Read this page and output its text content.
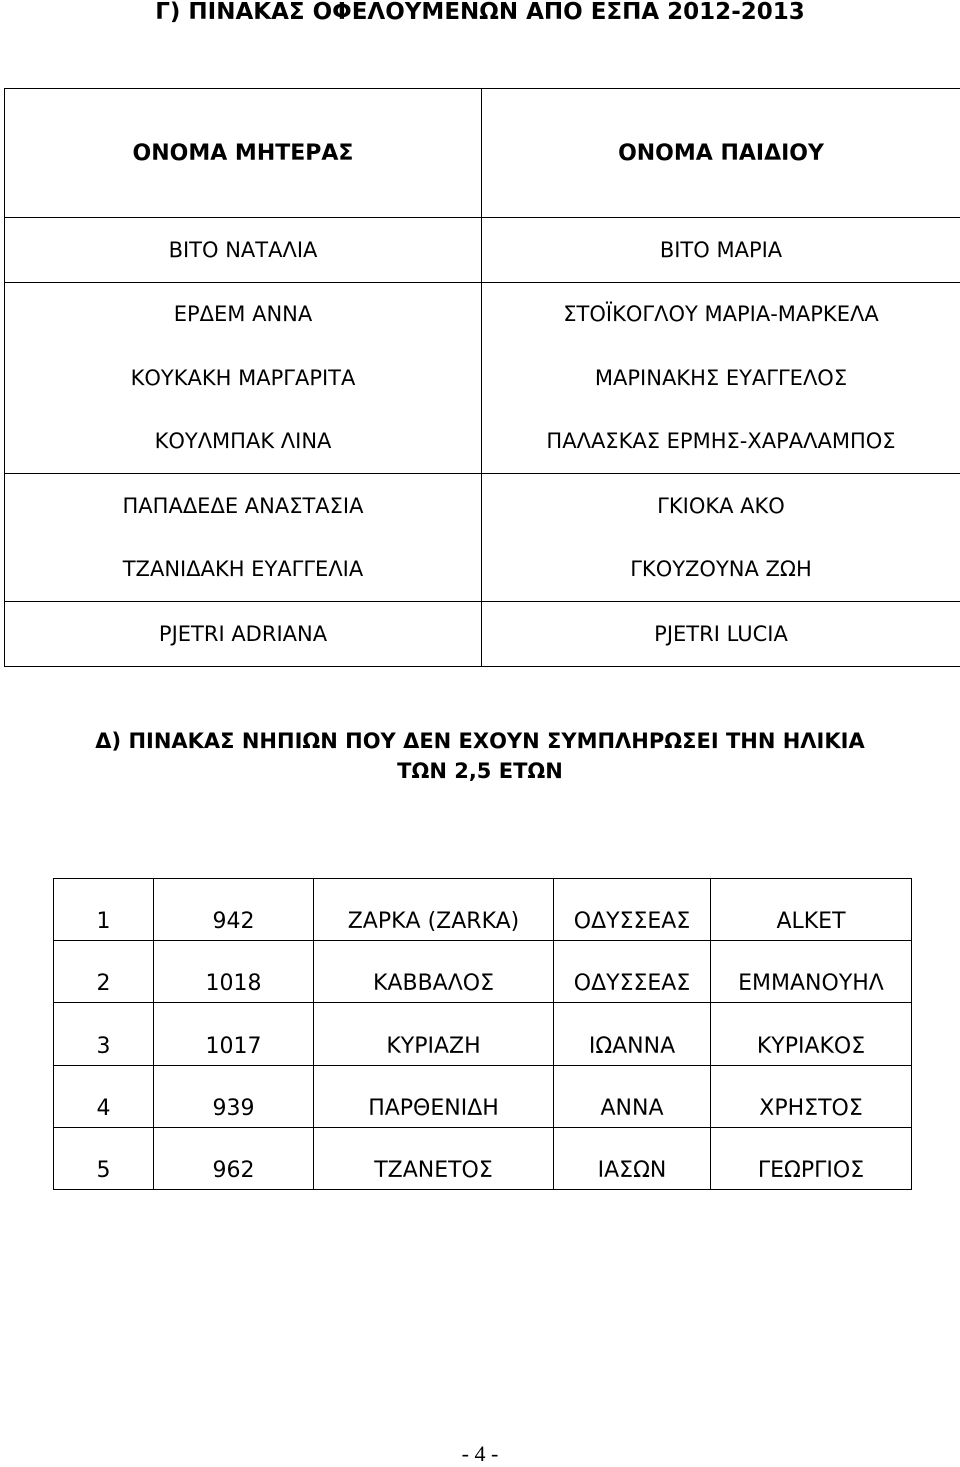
Γ) ΠΙΝΑΚΑΣ ΟΦΕΛΟΥΜΕΝΩΝ ΑΠΟ ΕΣΠΑ 2012-2013
ΟΝΟΜΑ ΜΗΤΕΡΑΣ	ΟΝΟΜΑ ΠΑΙΔΙΟΥ
ΒΙΤΟ ΝΑΤΑΛΙΑ	ΒΙΤΟ ΜΑΡΙΑ
ΕΡΔΕΜ ΑΝΝΑ	ΣΤΟΪΚΟΓΛΟΥ ΜΑΡΙΑ-ΜΑΡΚΕΛΑ
ΚΟΥΚΑΚΗ ΜΑΡΓΑΡΙΤΑ	ΜΑΡΙΝΑΚΗΣ ΕΥΑΓΓΕΛΟΣ
ΚΟΥΛΜΠΑΚ ΛΙΝΑ	ΠΑΛΑΣΚΑΣ ΕΡΜΗΣ-ΧΑΡΑΛΑΜΠΟΣ
ΠΑΠΑΔΕΔΕ ΑΝΑΣΤΑΣΙΑ	ΓΚΙΟΚΑ ΑΚΟ
ΤΖΑΝΙΔΑΚΗ ΕΥΑΓΓΕΛΙΑ	ΓΚΟΥΖΟΥΝΑ ΖΩΗ
PJETRI ADRIANA	PJETRI LUCIA
Δ) ΠΙΝΑΚΑΣ ΝΗΠΙΩΝ ΠΟΥ ΔΕΝ ΕΧΟΥΝ ΣΥΜΠΛΗΡΩΣΕΙ ΤΗΝ ΗΛΙΚΙΑ
ΤΩΝ 2,5 ΕΤΩΝ
1	942	ΖΑΡΚΑ (ZARKA)	ΟΔΥΣΣΕΑΣ	ALKET
2	1018	ΚΑΒΒΑΛΟΣ	ΟΔΥΣΣΕΑΣ	ΕΜΜΑΝΟΥΗΛ
3	1017	ΚΥΡΙΑΖΗ	ΙΩΑΝΝΑ	ΚΥΡΙΑΚΟΣ
4	939	ΠΑΡΘΕΝΙΔΗ	ΑΝΝΑ	ΧΡΗΣΤΟΣ
5	962	ΤΖΑΝΕΤΟΣ	ΙΑΣΩΝ	ΓΕΩΡΓΙΟΣ
- 4 -
